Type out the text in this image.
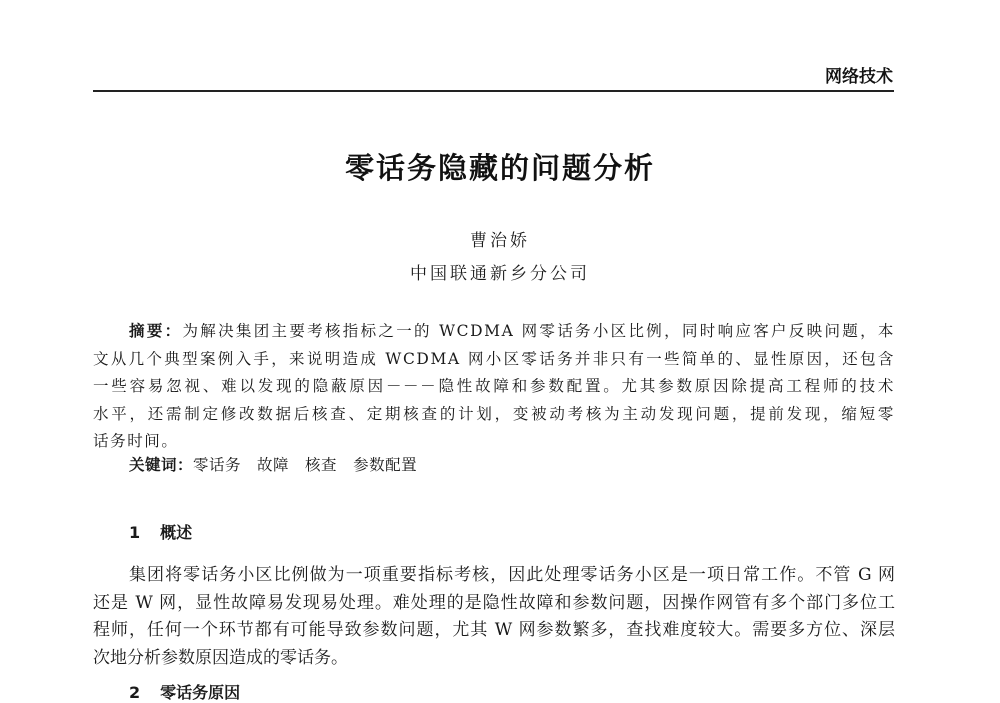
网络技术
零话务隐藏的问题分析
曹治娇
中国联通新乡分公司
摘要：为解决集团主要考核指标之一的 WCDMA 网零话务小区比例，同时响应客户反映问题，本
文从几个典型案例入手，来说明造成 WCDMA 网小区零话务并非只有一些简单的、显性原因，还包含
一些容易忽视、难以发现的隐蔽原因－－－隐性故障和参数配置。尤其参数原因除提高工程师的技术
水平，还需制定修改数据后核查、定期核查的计划，变被动考核为主动发现问题，提前发现，缩短零
话务时间。
关键词：零话务 故障 核查 参数配置
1 概述
集团将零话务小区比例做为一项重要指标考核，因此处理零话务小区是一项日常工作。不管 G 网
还是 W 网，显性故障易发现易处理。难处理的是隐性故障和参数问题，因操作网管有多个部门多位工
程师，任何一个环节都有可能导致参数问题，尤其 W 网参数繁多，查找难度较大。需要多方位、深层
次地分析参数原因造成的零话务。
2 零话务原因
